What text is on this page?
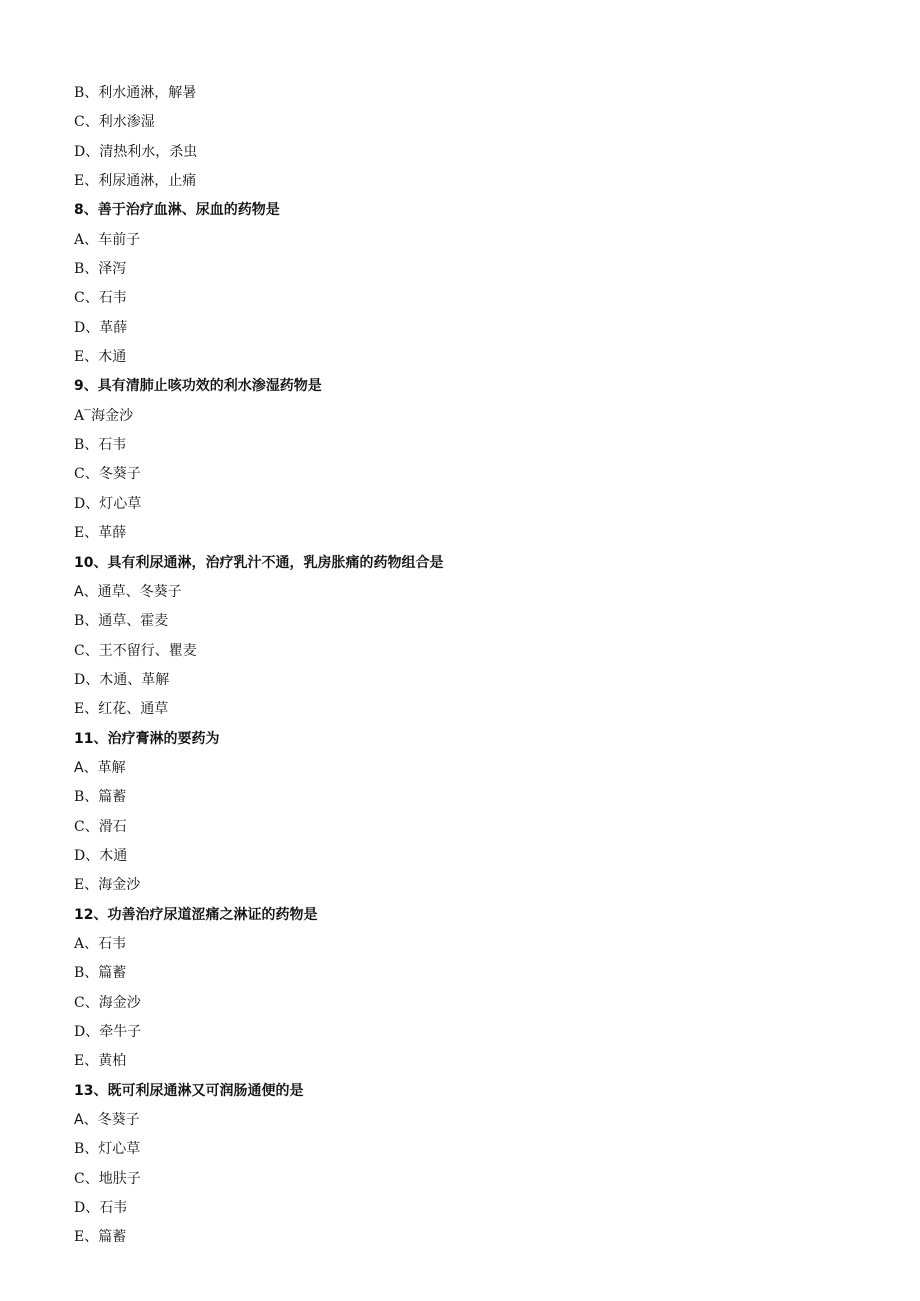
B、利水通淋，解暑
C、利水渗湿
D、清热利水，杀虫
E、利尿通淋，止痛
8、善于治疗血淋、尿血的药物是
A、车前子
B、泽泻
C、石韦
D、革薛
E、木通
9、具有清肺止咳功效的利水渗湿药物是
A‾海金沙
B、石韦
C、冬葵子
D、灯心草
E、革薛
10、具有利尿通淋，治疗乳汁不通，乳房胀痛的药物组合是
A、通草、冬葵子
B、通草、霍麦
C、王不留行、瞿麦
D、木通、革解
E、红花、通草
11、治疗膏淋的要药为
A、革解
B、篇蓄
C、滑石
D、木通
E、海金沙
12、功善治疗尿道涩痛之淋证的药物是
A、石韦
B、篇蓄
C、海金沙
D、牵牛子
E、黄柏
13、既可利尿通淋又可润肠通便的是
A、冬葵子
B、灯心草
C、地肤子
D、石韦
E、篇蓄
